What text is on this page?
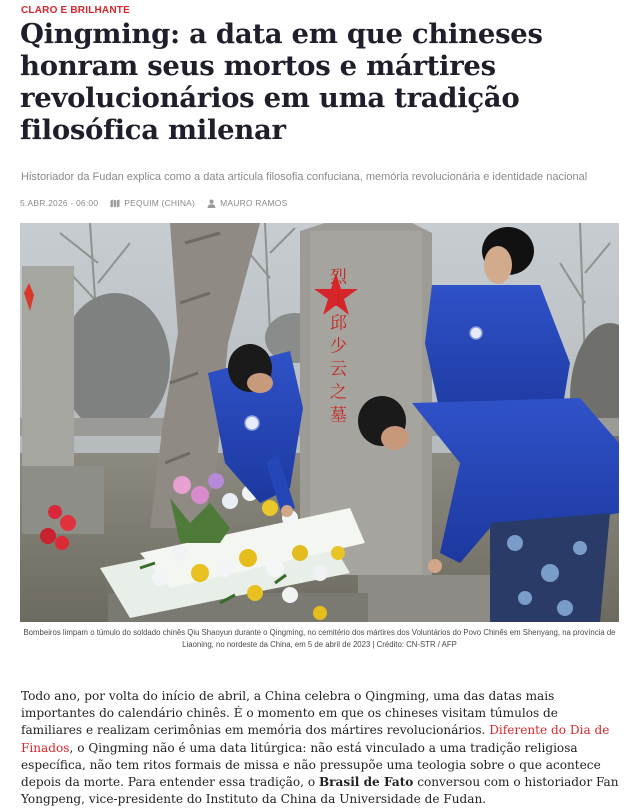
CLARO E BRILHANTE
Qingming: a data em que chineses honram seus mortos e mártires revolucionários em uma tradição filosófica milenar
Historiador da Fudan explica como a data articula filosofia confuciana, memória revolucionária e identidade nacional
5.ABR.2026 - 06:00	PEQUIM (CHINA)	MAURO RAMOS
烈士邱少云之墓
Bombeiros limpam o túmulo do soldado chinês Qiu Shaoyun durante o Qingming, no cemitério dos mártires dos Voluntários do Povo Chinês em Shenyang, na província de Liaoning, no nordeste da China, em 5 de abril de 2023 | Crédito: CN-STR / AFP

Todo ano, por volta do início de abril, a China celebra o Qingming, uma das datas mais importantes do calendário chinês. É o momento em que os chineses visitam túmulos de familiares e realizam cerimônias em memória dos mártires revolucionários. Diferente do Dia de Finados, o Qingming não é uma data litúrgica: não está vinculado a uma tradição religiosa específica, não tem ritos formais de missa e não pressupõe uma teologia sobre o que acontece depois da morte. Para entender essa tradição, o Brasil de Fato conversou com o historiador Fan Yongpeng, vice-presidente do Instituto da China da Universidade de Fudan.
